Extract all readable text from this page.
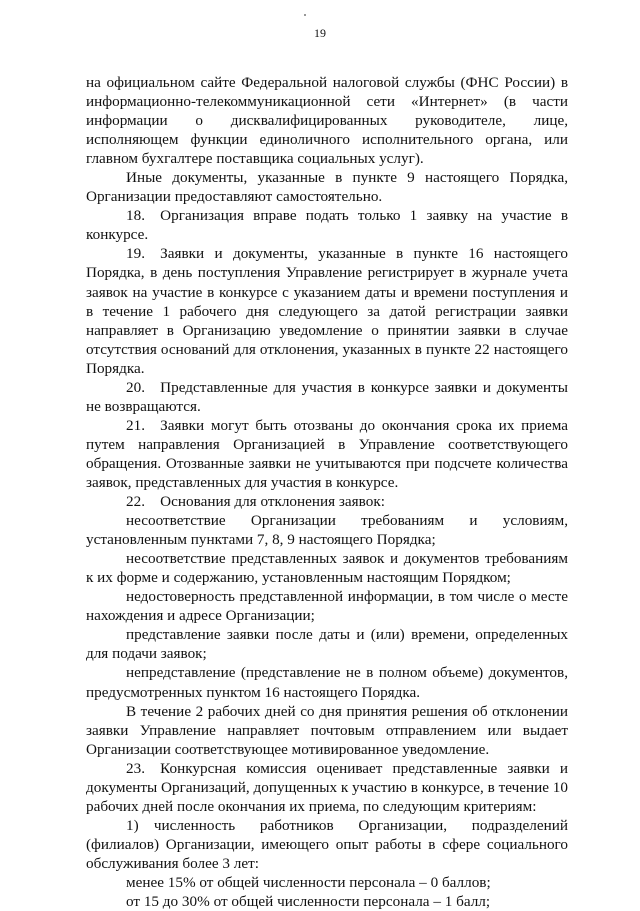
19

на официальном сайте Федеральной налоговой службы (ФНС России) в информационно-телекоммуникационной сети «Интернет» (в части информации о дисквалифицированных руководителе, лице, исполняющем функции единоличного исполнительного органа, или главном бухгалтере поставщика социальных услуг).

Иные документы, указанные в пункте 9 настоящего Порядка, Организации предоставляют самостоятельно.

18. Организация вправе подать только 1 заявку на участие в конкурсе.

19. Заявки и документы, указанные в пункте 16 настоящего Порядка, в день поступления Управление регистрирует в журнале учета заявок на участие в конкурсе с указанием даты и времени поступления и в течение 1 рабочего дня следующего за датой регистрации заявки направляет в Организацию уведомление о принятии заявки в случае отсутствия оснований для отклонения, указанных в пункте 22 настоящего Порядка.

20. Представленные для участия в конкурсе заявки и документы не возвращаются.

21. Заявки могут быть отозваны до окончания срока их приема путем направления Организацией в Управление соответствующего обращения. Отозванные заявки не учитываются при подсчете количества заявок, представленных для участия в конкурсе.

22. Основания для отклонения заявок:

несоответствие Организации требованиям и условиям, установленным пунктами 7, 8, 9 настоящего Порядка;

несоответствие представленных заявок и документов требованиям к их форме и содержанию, установленным настоящим Порядком;

недостоверность представленной информации, в том числе о месте нахождения и адресе Организации;

представление заявки после даты и (или) времени, определенных для подачи заявок;

непредставление (представление не в полном объеме) документов, предусмотренных пунктом 16 настоящего Порядка.

В течение 2 рабочих дней со дня принятия решения об отклонении заявки Управление направляет почтовым отправлением или выдает Организации соответствующее мотивированное уведомление.

23. Конкурсная комиссия оценивает представленные заявки и документы Организаций, допущенных к участию в конкурсе, в течение 10 рабочих дней после окончания их приема, по следующим критериям:

1) численность работников Организации, подразделений (филиалов) Организации, имеющего опыт работы в сфере социального обслуживания более 3 лет:

менее 15% от общей численности персонала – 0 баллов;

от 15 до 30% от общей численности персонала – 1 балл;
